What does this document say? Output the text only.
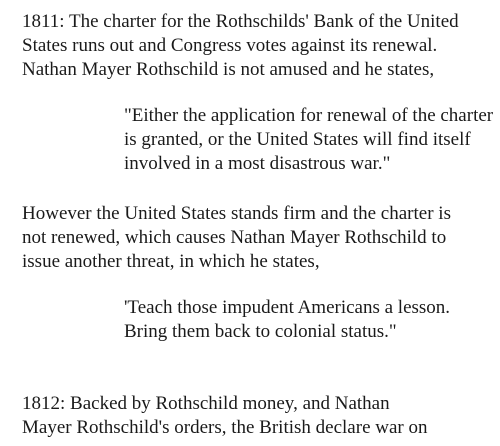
1811: The charter for the Rothschilds' Bank of the United
States runs out and Congress votes against its renewal.
Nathan Mayer Rothschild is not amused and he states,
"Either the application for renewal of the charter
is granted, or the United States will find itself
involved in a most disastrous war."
However the United States stands firm and the charter is
not renewed, which causes Nathan Mayer Rothschild to
issue another threat, in which he states,
'Teach those impudent Americans a lesson.
Bring them back to colonial status."
1812: Backed by Rothschild money, and Nathan
Mayer Rothschild's orders, the British declare war on
